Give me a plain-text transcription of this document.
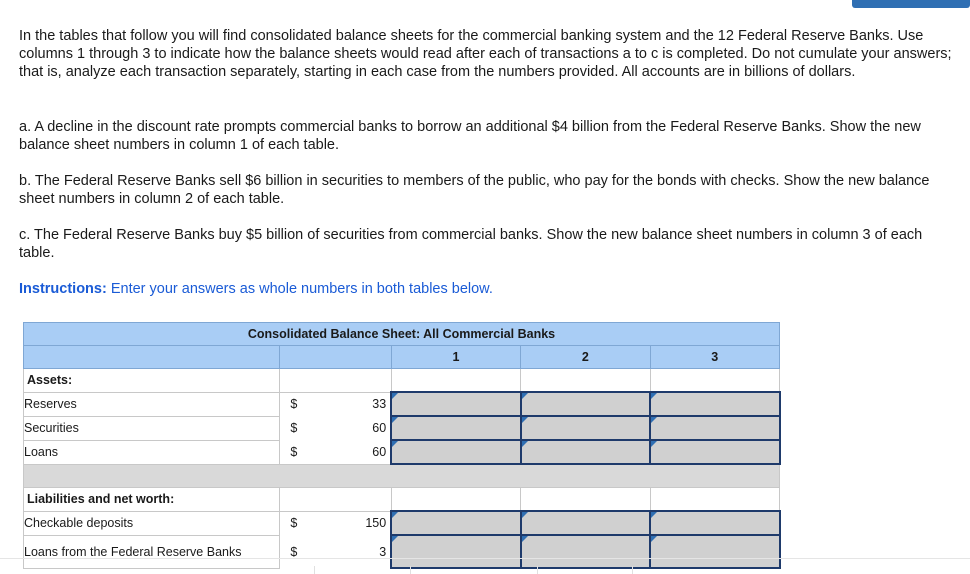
In the tables that follow you will find consolidated balance sheets for the commercial banking system and the 12 Federal Reserve Banks. Use columns 1 through 3 to indicate how the balance sheets would read after each of transactions a to c is completed. Do not cumulate your answers; that is, analyze each transaction separately, starting in each case from the numbers provided. All accounts are in billions of dollars.

a. A decline in the discount rate prompts commercial banks to borrow an additional $4 billion from the Federal Reserve Banks. Show the new balance sheet numbers in column 1 of each table.

b. The Federal Reserve Banks sell $6 billion in securities to members of the public, who pay for the bonds with checks. Show the new balance sheet numbers in column 2 of each table.

c. The Federal Reserve Banks buy $5 billion of securities from commercial banks. Show the new balance sheet numbers in column 3 of each table.

Instructions: Enter your answers as whole numbers in both tables below.

Consolidated Balance Sheet: All Commercial Banks					
			1	2	3
Assets:					
Reserves	$	33			
Securities	$	60			
Loans	$	60			

Liabilities and net worth:					
Checkable deposits	$	150			
Loans from the Federal Reserve Banks	$	3			
